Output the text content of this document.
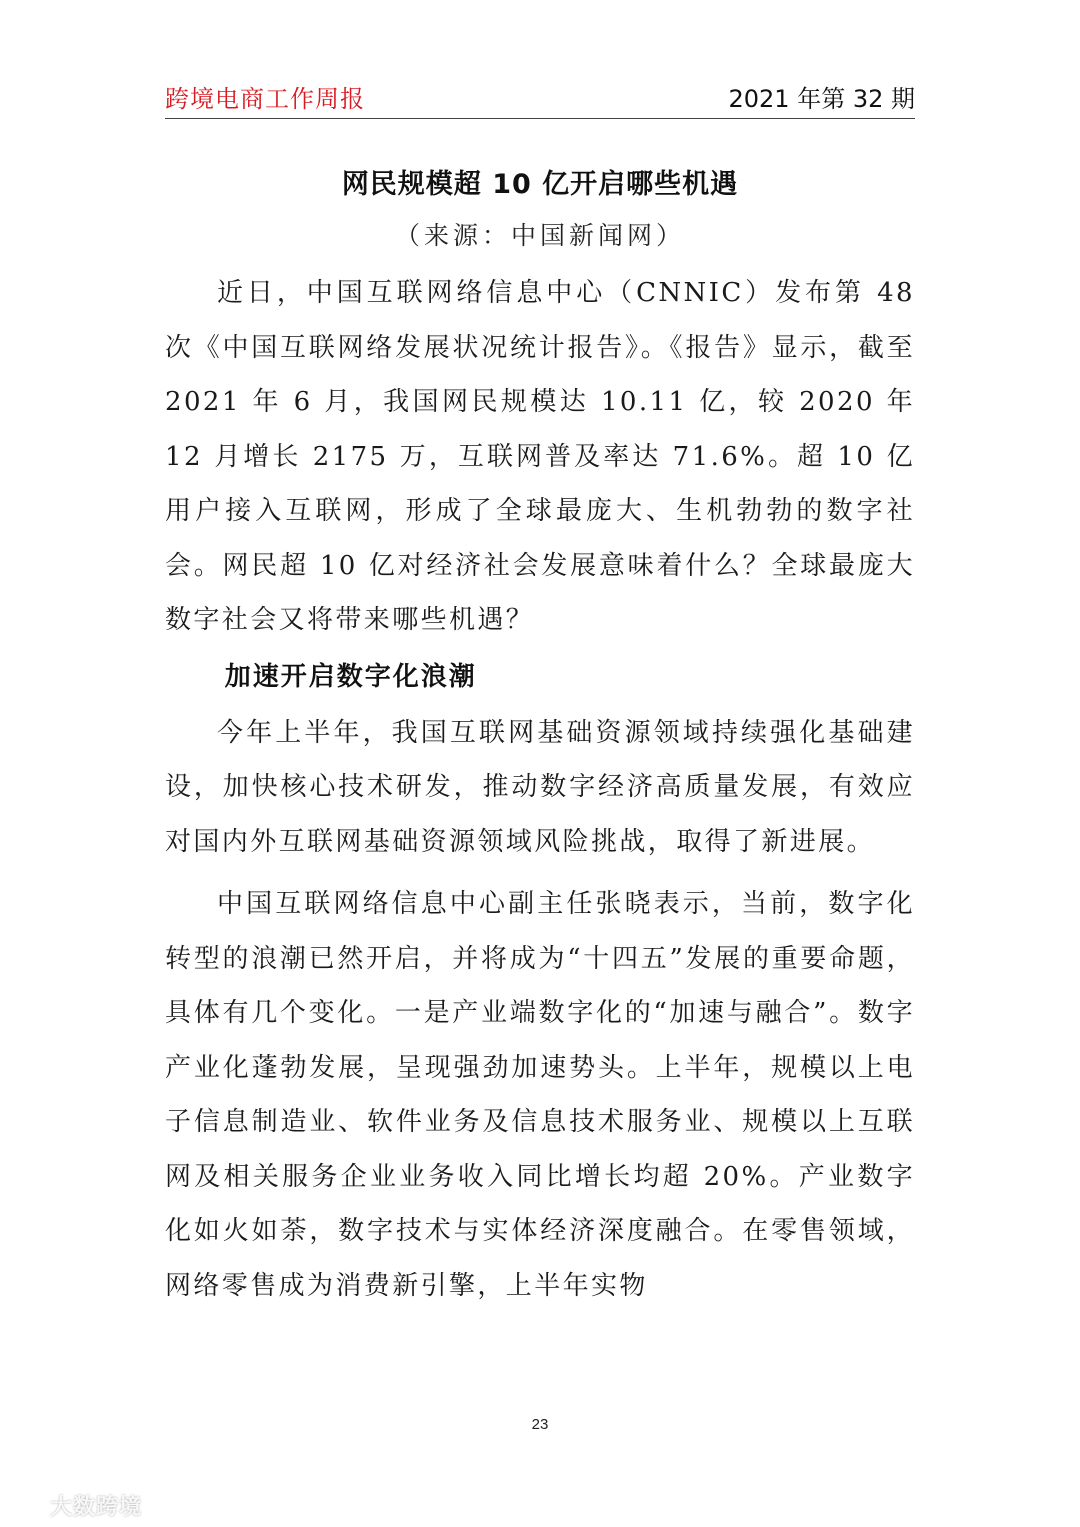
跨境电商工作周报	2021 年第 32 期
网民规模超 10 亿开启哪些机遇
（来源：中国新闻网）

近日，中国互联网络信息中心（CNNIC）发布第 48 次《中国互联网络发展状况统计报告》。《报告》显示，截至 2021 年 6 月，我国网民规模达 10.11 亿，较 2020 年 12 月增长 2175 万，互联网普及率达 71.6%。超 10 亿用户接入互联网，形成了全球最庞大、生机勃勃的数字社会。网民超 10 亿对经济社会发展意味着什么？全球最庞大数字社会又将带来哪些机遇？

加速开启数字化浪潮

今年上半年，我国互联网基础资源领域持续强化基础建设，加快核心技术研发，推动数字经济高质量发展，有效应对国内外互联网基础资源领域风险挑战，取得了新进展。

中国互联网络信息中心副主任张晓表示，当前，数字化转型的浪潮已然开启，并将成为“十四五”发展的重要命题，具体有几个变化。一是产业端数字化的“加速与融合”。数字产业化蓬勃发展，呈现强劲加速势头。上半年，规模以上电子信息制造业、软件业务及信息技术服务业、规模以上互联网及相关服务企业业务收入同比增长均超 20%。产业数字化如火如荼，数字技术与实体经济深度融合。在零售领域，网络零售成为消费新引擎，上半年实物

23
大数跨境
